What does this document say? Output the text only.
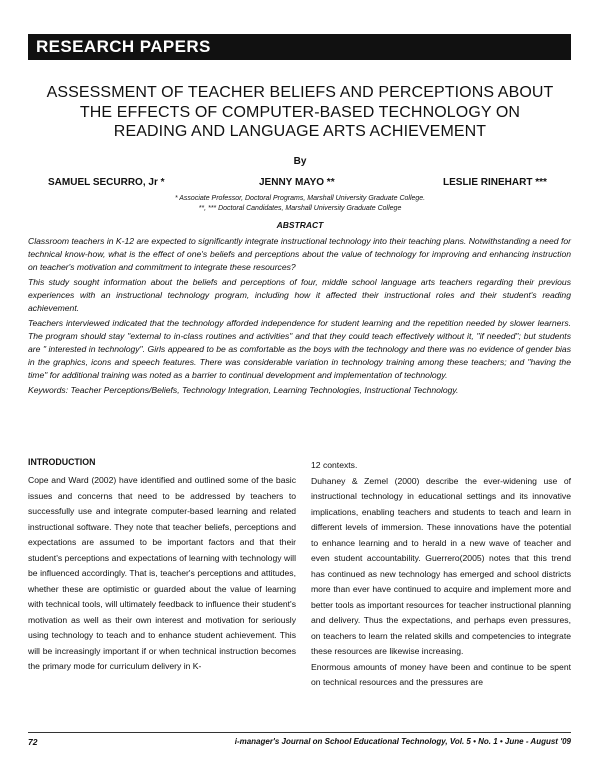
RESEARCH PAPERS
ASSESSMENT OF TEACHER BELIEFS AND PERCEPTIONS ABOUT
THE EFFECTS OF COMPUTER-BASED TECHNOLOGY ON
READING AND LANGUAGE ARTS ACHIEVEMENT
By
SAMUEL SECURRO, Jr *	JENNY MAYO **	LESLIE RINEHART ***
* Associate Professor, Doctoral Programs, Marshall University Graduate College.
**, *** Doctoral Candidates, Marshall University Graduate College
ABSTRACT

Classroom teachers in K-12 are expected to significantly integrate instructional technology into their teaching plans. Notwithstanding a need for technical know-how, what is the effect of one's beliefs and perceptions about the value of technology for improving and enhancing instruction on teacher's motivation and commitment to integrate these resources?

This study sought information about the beliefs and perceptions of four, middle school language arts teachers regarding their previous experiences with an instructional technology program, including how it affected their instructional roles and their student's reading achievement.

Teachers interviewed indicated that the technology afforded independence for student learning and the repetition needed by slower learners. The program should stay "external to in-class routines and activities" and that they could teach effectively without it, "if needed"; but students are " interested in technology". Girls appeared to be as comfortable as the boys with the technology and there was no evidence of gender bias in the graphics, icons and speech features. There was considerable variation in technology training among these teachers; and "having the time" for additional training was noted as a barrier to continual development and implementation of technology.

Keywords: Teacher Perceptions/Beliefs, Technology Integration, Learning Technologies, Instructional Technology.

INTRODUCTION

Cope and Ward (2002) have identified and outlined some of the basic issues and concerns that need to be addressed by teachers to successfully use and integrate computer-based learning and related instructional software. They note that teacher beliefs, perceptions and expectations are assumed to be important factors and that their student's perceptions and expectations of learning with technology will be influenced accordingly. That is, teacher's perceptions and attitudes, whether these are optimistic or guarded about the value of learning with technical tools, will ultimately feedback to influence their student's motivation as well as their own interest and motivation for seriously using technology to teach and to enhance student achievement. This will be increasingly important if or when technical instruction becomes the primary mode for curriculum delivery in K-

12 contexts.

Duhaney & Zemel (2000) describe the ever-widening use of instructional technology in educational settings and its innovative implications, enabling teachers and students to teach and learn in different levels of immersion. These innovations have the potential to enhance learning and to herald in a new wave of teacher and even student accountability. Guerrero(2005) notes that this trend has continued as new technology has emerged and school districts more than ever have continued to acquire and implement more and better tools as important resources for teacher instructional planning and delivery. Thus the expectations, and perhaps even pressures, on teachers to learn the related skills and competencies to integrate these resources are likewise increasing.

Enormous amounts of money have been and continue to be spent on technical resources and the pressures are

72	i-manager's Journal on School Educational Technology, Vol. 5 • No. 1 • June - August '09
